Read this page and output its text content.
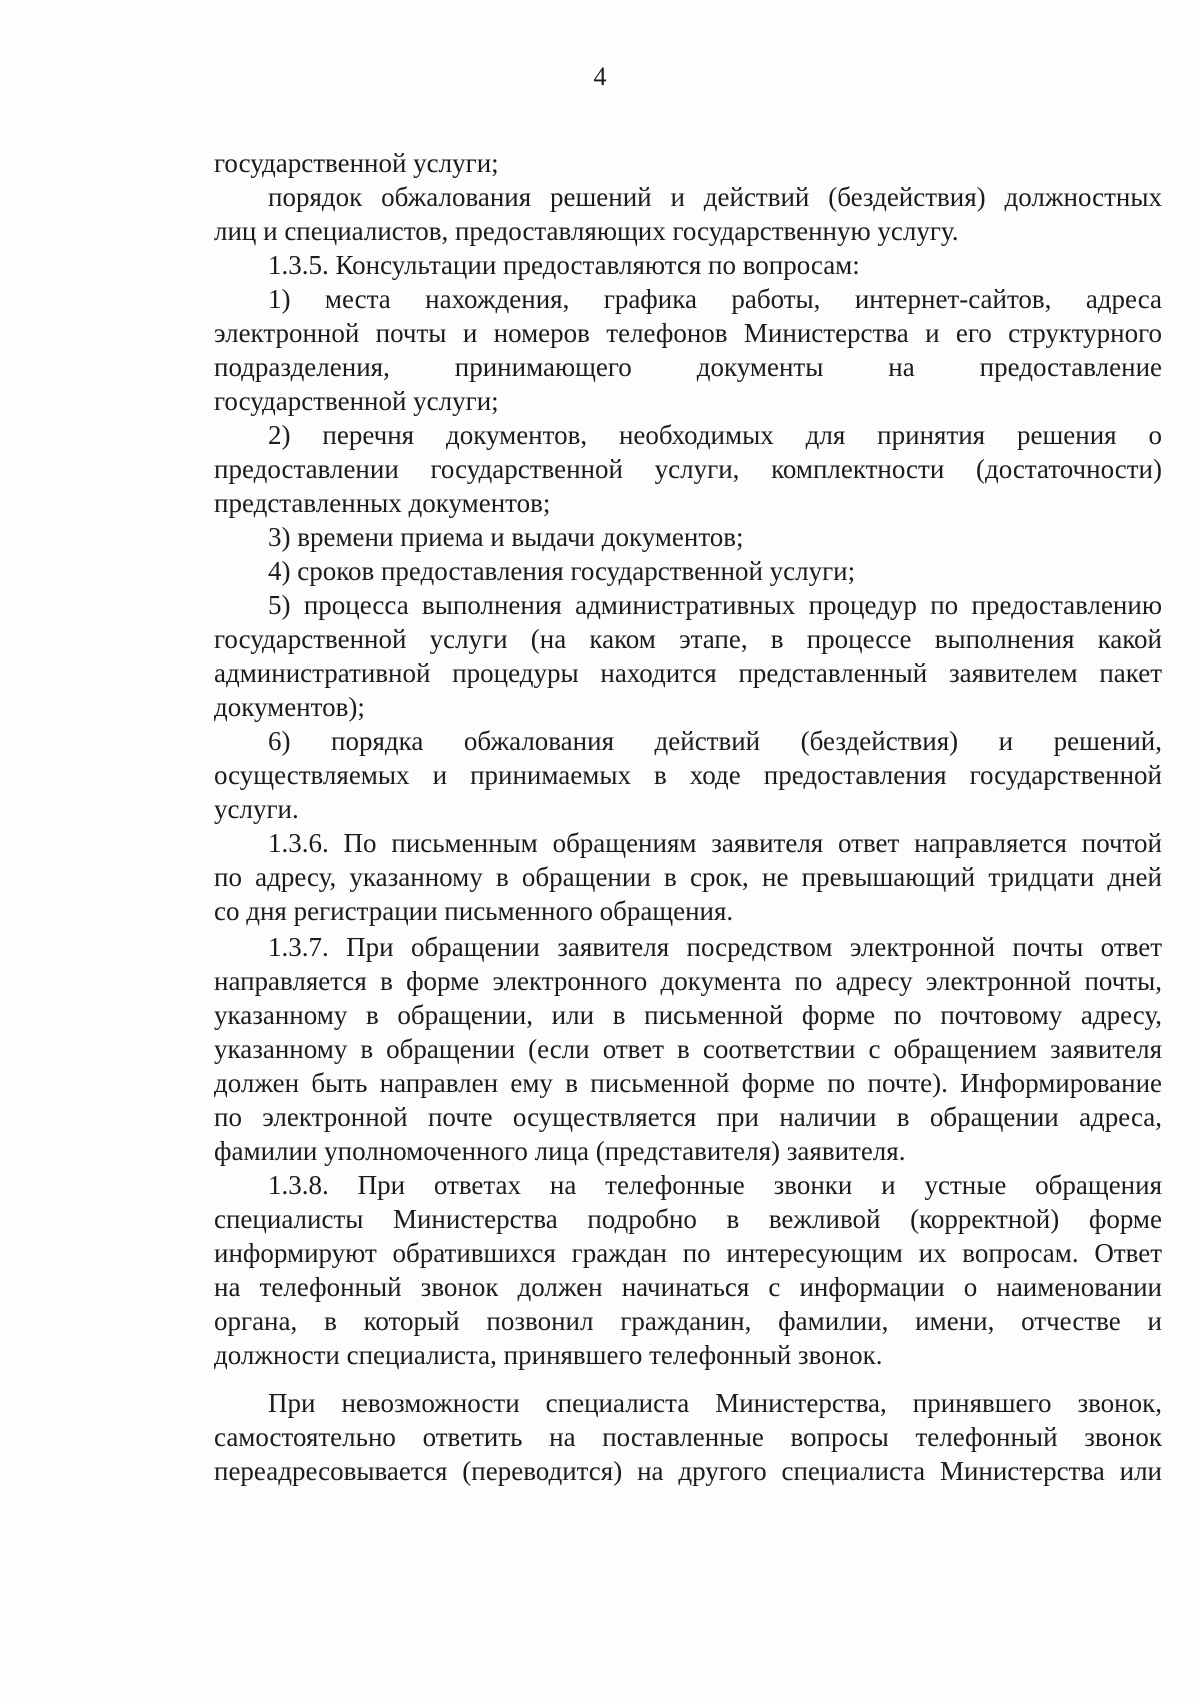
4
государственной услуги;
порядок обжалования решений и действий (бездействия) должностных
лиц и специалистов, предоставляющих государственную услугу.
1.3.5. Консультации предоставляются по вопросам:
1) места нахождения, графика работы, интернет-сайтов, адреса
электронной почты и номеров телефонов Министерства и его структурного
подразделения, принимающего документы на предоставление
государственной услуги;
2) перечня документов, необходимых для принятия решения о
предоставлении государственной услуги, комплектности (достаточности)
представленных документов;
3) времени приема и выдачи документов;
4) сроков предоставления государственной услуги;
5) процесса выполнения административных процедур по предоставлению
государственной услуги (на каком этапе, в процессе выполнения какой
административной процедуры находится представленный заявителем пакет
документов);
6) порядка обжалования действий (бездействия) и решений,
осуществляемых и принимаемых в ходе предоставления государственной
услуги.
1.3.6. По письменным обращениям заявителя ответ направляется почтой
по адресу, указанному в обращении в срок, не превышающий тридцати дней
со дня регистрации письменного обращения.
1.3.7. При обращении заявителя посредством электронной почты ответ
направляется в форме электронного документа по адресу электронной почты,
указанному в обращении, или в письменной форме по почтовому адресу,
указанному в обращении (если ответ в соответствии с обращением заявителя
должен быть направлен ему в письменной форме по почте). Информирование
по электронной почте осуществляется при наличии в обращении адреса,
фамилии уполномоченного лица (представителя) заявителя.
1.3.8. При ответах на телефонные звонки и устные обращения
специалисты Министерства подробно в вежливой (корректной) форме
информируют обратившихся граждан по интересующим их вопросам. Ответ
на телефонный звонок должен начинаться с информации о наименовании
органа, в который позвонил гражданин, фамилии, имени, отчестве и
должности специалиста, принявшего телефонный звонок.
При невозможности специалиста Министерства, принявшего звонок,
самостоятельно ответить на поставленные вопросы телефонный звонок
переадресовывается (переводится) на другого специалиста Министерства или
